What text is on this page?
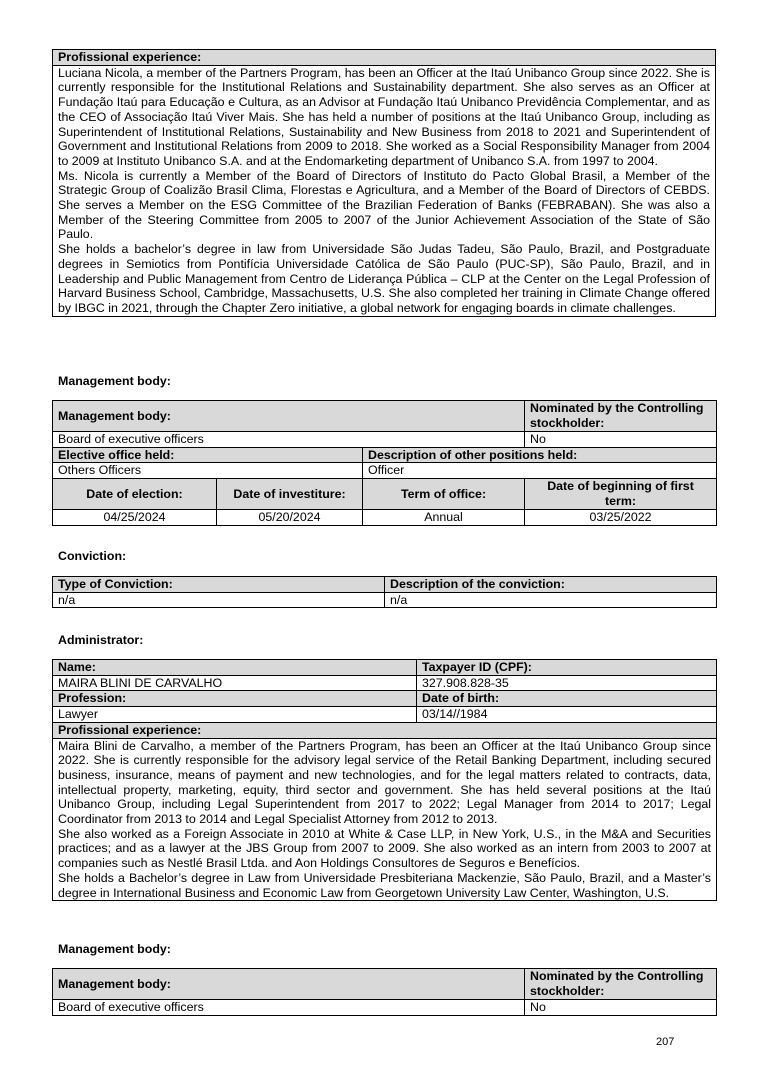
Profissional experience:

Luciana Nicola, a member of the Partners Program, has been an Officer at the Itaú Unibanco Group since 2022. She is currently responsible for the Institutional Relations and Sustainability department. She also serves as an Officer at Fundação Itaú para Educação e Cultura, as an Advisor at Fundação Itaú Unibanco Previdência Complementar, and as the CEO of Associação Itaú Viver Mais. She has held a number of positions at the Itaú Unibanco Group, including as Superintendent of Institutional Relations, Sustainability and New Business from 2018 to 2021 and Superintendent of Government and Institutional Relations from 2009 to 2018. She worked as a Social Responsibility Manager from 2004 to 2009 at Instituto Unibanco S.A. and at the Endomarketing department of Unibanco S.A. from 1997 to 2004.

Ms. Nicola is currently a Member of the Board of Directors of Instituto do Pacto Global Brasil, a Member of the Strategic Group of Coalizão Brasil Clima, Florestas e Agricultura, and a Member of the Board of Directors of CEBDS. She serves a Member on the ESG Committee of the Brazilian Federation of Banks (FEBRABAN). She was also a Member of the Steering Committee from 2005 to 2007 of the Junior Achievement Association of the State of São Paulo.

She holds a bachelor’s degree in law from Universidade São Judas Tadeu, São Paulo, Brazil, and Postgraduate degrees in Semiotics from Pontifícia Universidade Católica de São Paulo (PUC-SP), São Paulo, Brazil, and in Leadership and Public Management from Centro de Liderança Pública – CLP at the Center on the Legal Profession of Harvard Business School, Cambridge, Massachusetts, U.S. She also completed her training in Climate Change offered by IBGC in 2021, through the Chapter Zero initiative, a global network for engaging boards in climate challenges.

Management body:
Management body:			Nominated by the Controlling stockholder:
Board of executive officers			No
Elective office held:		Description of other positions held:	
Others Officers		Officer	
Date of election:	Date of investiture:	Term of office:	Date of beginning of first term:
04/25/2024	05/20/2024	Annual	03/25/2022
Conviction:
Type of Conviction:	Description of the conviction:
n/a	n/a
Administrator:
Name:	Taxpayer ID (CPF):
MAIRA BLINI DE CARVALHO	327.908.828-35
Profession:	Date of birth:
Lawyer	03/14//1984
Profissional experience:	

Maira Blini de Carvalho, a member of the Partners Program, has been an Officer at the Itaú Unibanco Group since 2022. She is currently responsible for the advisory legal service of the Retail Banking Department, including secured business, insurance, means of payment and new technologies, and for the legal matters related to contracts, data, intellectual property, marketing, equity, third sector and government. She has held several positions at the Itaú Unibanco Group, including Legal Superintendent from 2017 to 2022; Legal Manager from 2014 to 2017; Legal Coordinator from 2013 to 2014 and Legal Specialist Attorney from 2012 to 2013.

She also worked as a Foreign Associate in 2010 at White & Case LLP, in New York, U.S., in the M&A and Securities practices; and as a lawyer at the JBS Group from 2007 to 2009. She also worked as an intern from 2003 to 2007 at companies such as Nestlé Brasil Ltda. and Aon Holdings Consultores de Seguros e Benefícios.

She holds a Bachelor’s degree in Law from Universidade Presbiteriana Mackenzie, São Paulo, Brazil, and a Master’s degree in International Business and Economic Law from Georgetown University Law Center, Washington, U.S.	

Management body:
Management body:	Nominated by the Controlling stockholder:
Board of executive officers	No
207
